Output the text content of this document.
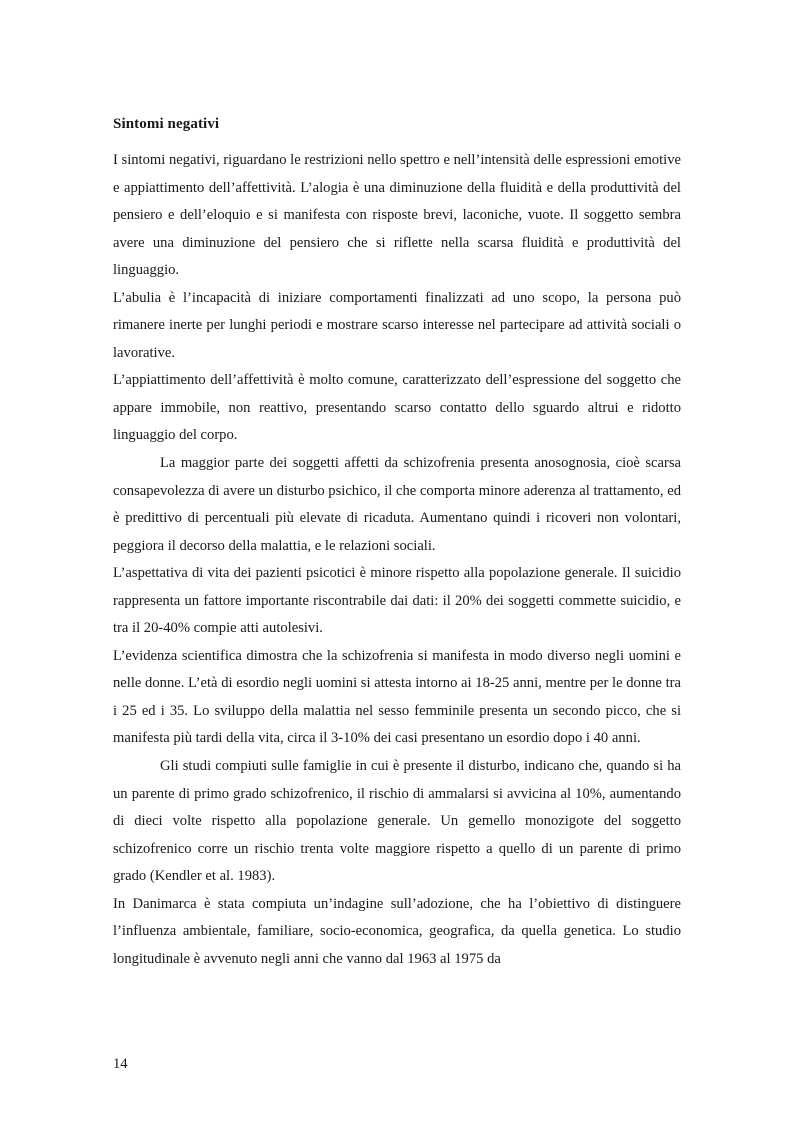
Sintomi negativi

I sintomi negativi, riguardano le restrizioni nello spettro e nell’intensità delle espressioni emotive e appiattimento dell’affettività. L’alogia è una diminuzione della fluidità e della produttività del pensiero e dell’eloquio e si manifesta con risposte brevi, laconiche, vuote. Il soggetto sembra avere una diminuzione del pensiero che si riflette nella scarsa fluidità e produttività del linguaggio.

L’abulia è l’incapacità di iniziare comportamenti finalizzati ad uno scopo, la persona può rimanere inerte per lunghi periodi e mostrare scarso interesse nel partecipare ad attività sociali o lavorative.

L’appiattimento dell’affettività è molto comune, caratterizzato dell’espressione del soggetto che appare immobile, non reattivo, presentando scarso contatto dello sguardo altrui e ridotto linguaggio del corpo.

La maggior parte dei soggetti affetti da schizofrenia presenta anosognosia, cioè scarsa consapevolezza di avere un disturbo psichico, il che comporta minore aderenza al trattamento, ed è predittivo di percentuali più elevate di ricaduta. Aumentano quindi i ricoveri non volontari, peggiora il decorso della malattia, e le relazioni sociali.

L’aspettativa di vita dei pazienti psicotici è minore rispetto alla popolazione generale. Il suicidio rappresenta un fattore importante riscontrabile dai dati: il 20% dei soggetti commette suicidio, e tra il 20-40% compie atti autolesivi.

L’evidenza scientifica dimostra che la schizofrenia si manifesta in modo diverso negli uomini e nelle donne. L’età di esordio negli uomini si attesta intorno ai 18-25 anni, mentre per le donne tra i 25 ed i 35. Lo sviluppo della malattia nel sesso femminile presenta un secondo picco, che si manifesta più tardi della vita, circa il 3-10% dei casi presentano un esordio dopo i 40 anni.

Gli studi compiuti sulle famiglie in cui è presente il disturbo, indicano che, quando si ha un parente di primo grado schizofrenico, il rischio di ammalarsi si avvicina al 10%, aumentando di dieci volte rispetto alla popolazione generale. Un gemello monozigote del soggetto schizofrenico corre un rischio trenta volte maggiore rispetto a quello di un parente di primo grado (Kendler et al. 1983).

In Danimarca è stata compiuta un’indagine sull’adozione, che ha l’obiettivo di distinguere l’influenza ambientale, familiare, socio-economica, geografica, da quella genetica. Lo studio longitudinale è avvenuto negli anni che vanno dal 1963 al 1975 da

14
